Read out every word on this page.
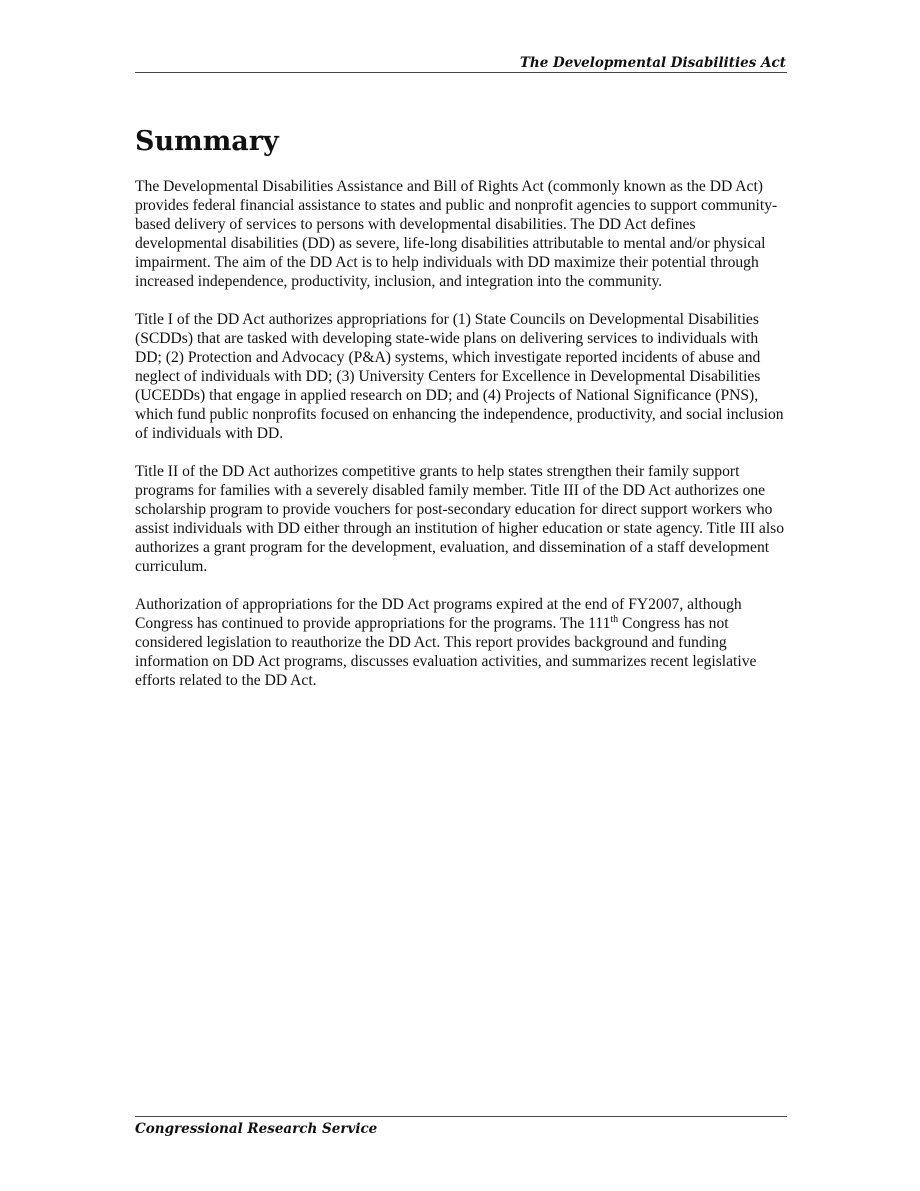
The Developmental Disabilities Act
Summary

The Developmental Disabilities Assistance and Bill of Rights Act (commonly known as the DD Act) provides federal financial assistance to states and public and nonprofit agencies to support community-based delivery of services to persons with developmental disabilities. The DD Act defines developmental disabilities (DD) as severe, life-long disabilities attributable to mental and/or physical impairment. The aim of the DD Act is to help individuals with DD maximize their potential through increased independence, productivity, inclusion, and integration into the community.

Title I of the DD Act authorizes appropriations for (1) State Councils on Developmental Disabilities (SCDDs) that are tasked with developing state-wide plans on delivering services to individuals with DD; (2) Protection and Advocacy (P&A) systems, which investigate reported incidents of abuse and neglect of individuals with DD; (3) University Centers for Excellence in Developmental Disabilities (UCEDDs) that engage in applied research on DD; and (4) Projects of National Significance (PNS), which fund public nonprofits focused on enhancing the independence, productivity, and social inclusion of individuals with DD.

Title II of the DD Act authorizes competitive grants to help states strengthen their family support programs for families with a severely disabled family member. Title III of the DD Act authorizes one scholarship program to provide vouchers for post-secondary education for direct support workers who assist individuals with DD either through an institution of higher education or state agency. Title III also authorizes a grant program for the development, evaluation, and dissemination of a staff development curriculum.

Authorization of appropriations for the DD Act programs expired at the end of FY2007, although Congress has continued to provide appropriations for the programs. The 111th Congress has not considered legislation to reauthorize the DD Act. This report provides background and funding information on DD Act programs, discusses evaluation activities, and summarizes recent legislative efforts related to the DD Act.

Congressional Research Service
